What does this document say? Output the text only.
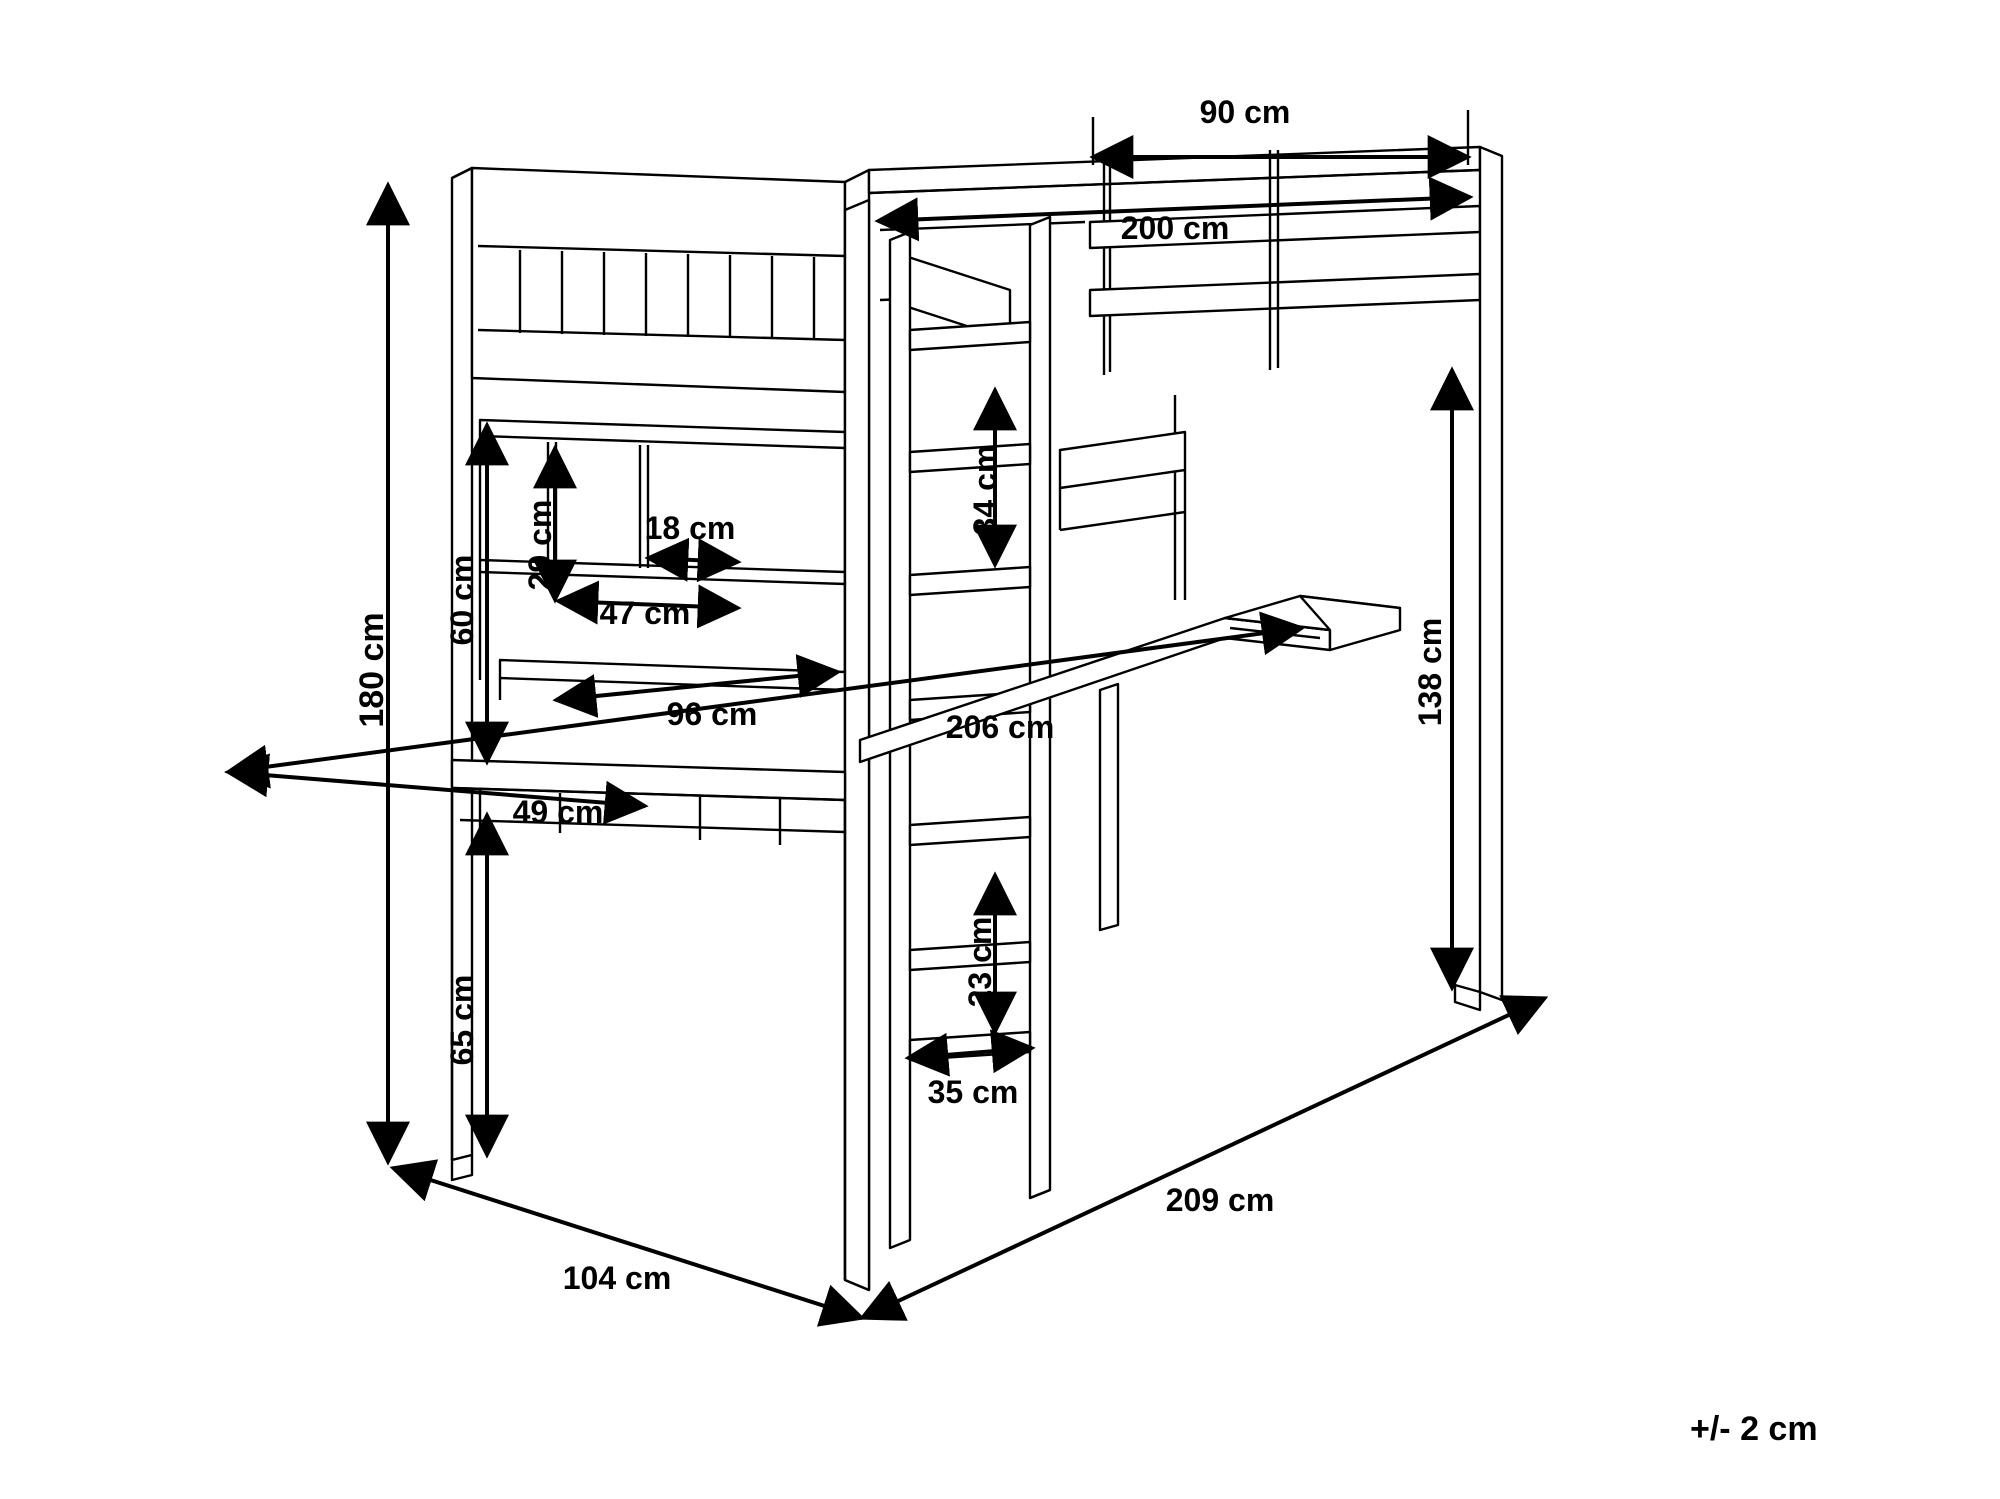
90 cm
200 cm
29 cm	18 cm
47 cm
34 cm
60 cm
180 cm	96 cm	206 cm
49 cm
138 cm
23 cm
35 cm
65 cm
104 cm
209 cm
+/- 2 cm
